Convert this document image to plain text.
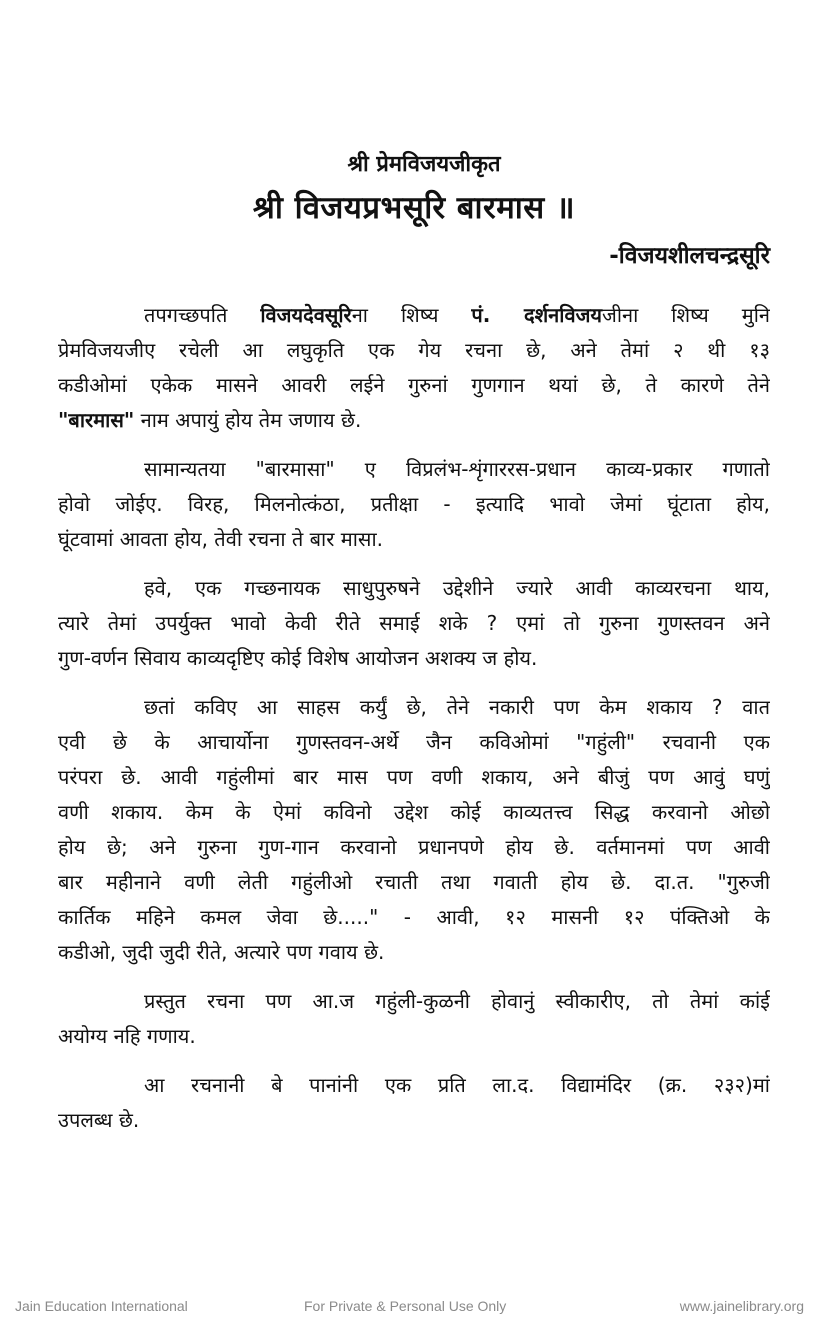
श्री प्रेमविजयजीकृत
श्री विजयप्रभसूरि बारमास ॥
-विजयशीलचन्द्रसूरि
तपगच्छपति विजयदेवसूरिना शिष्य पं. दर्शनविजयजीना शिष्य मुनि
प्रेमविजयजीए रचेली आ लघुकृति एक गेय रचना छे, अने तेमां २ थी १३
कडीओमां एकेक मासने आवरी लईने गुरुनां गुणगान थयां छे, ते कारणे तेने
"बारमास" नाम अपायुं होय तेम जणाय छे.
सामान्यतया "बारमासा" ए विप्रलंभ-शृंगाररस-प्रधान काव्य-प्रकार गणातो
होवो जोईए. विरह, मिलनोत्कंठा, प्रतीक्षा - इत्यादि भावो जेमां घूंटाता होय,
घूंटवामां आवता होय, तेवी रचना ते बार मासा.
हवे, एक गच्छनायक साधुपुरुषने उद्देशीने ज्यारे आवी काव्यरचना थाय,
त्यारे तेमां उपर्युक्त भावो केवी रीते समाई शके ? एमां तो गुरुना गुणस्तवन अने
गुण-वर्णन सिवाय काव्यदृष्टिए कोई विशेष आयोजन अशक्य ज होय.
छतां कविए आ साहस कर्युं छे, तेने नकारी पण केम शकाय ? वात
एवी छे के आचार्योना गुणस्तवन-अर्थे जैन कविओमां "गहुंली" रचवानी एक
परंपरा छे. आवी गहुंलीमां बार मास पण वणी शकाय, अने बीजुं पण आवुं घणुं
वणी शकाय. केम के ऐमां कविनो उद्देश कोई काव्यतत्त्व सिद्ध करवानो ओछो
होय छे; अने गुरुना गुण-गान करवानो प्रधानपणे होय छे. वर्तमानमां पण आवी
बार महीनाने वणी लेती गहुंलीओ रचाती तथा गवाती होय छे. दा.त. "गुरुजी
कार्तिक महिने कमल जेवा छे....." - आवी, १२ मासनी १२ पंक्तिओ के
कडीओ, जुदी जुदी रीते, अत्यारे पण गवाय छे.
प्रस्तुत रचना पण आ.ज गहुंली-कुळनी होवानुं स्वीकारीए, तो तेमां कांई
अयोग्य नहि गणाय.
आ रचनानी बे पानांनी एक प्रति ला.द. विद्यामंदिर (क्र. २३२)मां
उपलब्ध छे.
Jain Education International	For Private & Personal Use Only	www.jainelibrary.org
